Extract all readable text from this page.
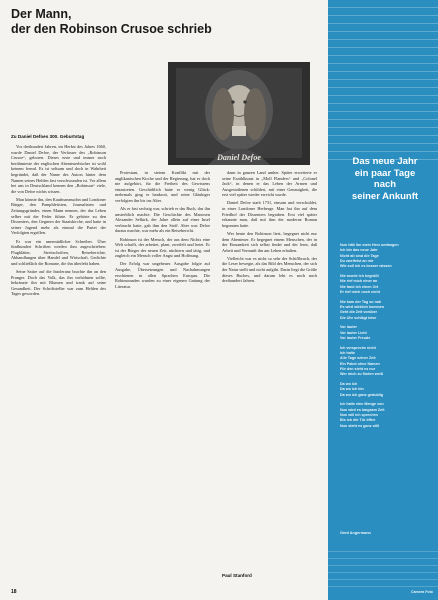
Der Mann,
der den Robinson Crusoe schrieb
Daniel Defoe
Zu Daniel Defoes 300. Geburtstag

Vor dreihundert Jahren, im Herbst des Jahres 1660, wurde Daniel Defoe, der Verfasser des „Robinson Crusoe“, geboren. Dieses erste und immer noch berühmteste der englischen Abenteuerbücher ist wohl keinem fremd. Es ist seltsam und doch in Wahrheit begründet, daß der Name des Autors hinter dem Namen seines Helden fast verschwunden ist. Vor allem bei uns in Deutschland kennen den „Robinson“ viele, die von Defoe nichts wissen.

Man könnte ihn, den Kaufmannssohn und Londoner Bürger, den Pamphletisten, Journalisten und Zeitungsgründer, einen Mann nennen, der das Leben selber mit der Feder führte. Er gehörte zu den Dissenters, den Gegnern der Staatskirche, und hatte in seiner Jugend mehr als einmal die Partei der Verfolgten ergriffen.

Er war ein unermüdlicher Schreiber. Über fünfhundert Schriften werden ihm zugeschrieben: Flugblätter, Streitschriften, Reiseberichte, Abhandlungen über Handel und Wirtschaft, Gedichte und schließlich die Romane, die ihn überlebt haben.

Seine Satire auf die Intoleranz brachte ihn an den Pranger. Doch das Volk, das ihn verhöhnen sollte, bekränzte ihn mit Blumen und trank auf seine Gesundheit. Der Schriftsteller war zum Helden des Tages geworden.

Protestant, in stetem Konflikt mit der anglikanischen Kirche und der Regierung, hat er doch nie aufgehört, für die Freiheit des Gewissens einzutreten. Geschäftlich hatte er wenig Glück: mehrmals ging er bankrott, und seine Gläubiger verfolgten ihn bis ins Alter.

Als er fast sechzig war, schrieb er das Buch, das ihn unsterblich machte. Die Geschichte des Matrosen Alexander Selkirk, der Jahre allein auf einer Insel verbracht hatte, gab ihm den Stoff. Aber was Defoe daraus machte, war mehr als ein Reisebericht.

Robinson ist der Mensch, der aus dem Nichts eine Welt schafft, der arbeitet, plant, zweifelt und betet. Er ist der Bürger der neuen Zeit, nüchtern und tätig, und zugleich ein Mensch voller Angst und Hoffnung.

Der Erfolg war ungeheuer. Ausgabe folgte auf Ausgabe, Übersetzungen und Nachahmungen erschienen in allen Sprachen Europas. Die Robinsonaden wurden zu einer eigenen Gattung der Literatur.

dann in ganzen Land umher. Später erweiterte er seine Erzählkunst in „Moll Flanders“ und „Colonel Jack“, in denen er das Leben der Armen und Ausgestoßenen schildert, mit einer Genauigkeit, die erst viel später wieder erreicht wurde.

Daniel Defoe starb 1731, einsam und verschuldet, in einer Londoner Herberge. Man hat ihn auf dem Friedhof der Dissenters begraben. Erst viel später erkannte man, daß mit ihm der moderne Roman begonnen hatte.

Wer heute den Robinson liest, begegnet nicht nur dem Abenteuer. Er begegnet einem Menschen, der in der Einsamkeit sich selbst findet und der lernt, daß Arbeit und Vernunft ihn am Leben erhalten.

Vielleicht war es nicht so sehr der Schiffbruch, der die Leser bewegte, als das Bild des Menschen, der sich der Natur stellt und nicht aufgibt. Darin liegt die Größe dieses Buches, und darum lebt es noch nach dreihundert Jahren.

Paul Stanford
18
Das neue Jahr
ein paar Tage
nach
seiner Ankunft
Nun hält ihn mein Herz umfangen
Ich bin das neue Jahr
Nicht alt sind die Tage
Du zweifelst an mir
Wie soll ich es besser wissen
Nie wurde ich begrüßt
Nie rief mich einer an
Nie fand ich einen Ort
Er rief mich noch nicht
Nie kam der Tag so nah
Es wird wirklich kommen
Geht die Zeit vorüber
Die Uhr schlägt leise
Vor lauter
Vor lauter Licht
Vor lauter Freude
Ich verspreche nicht
Ich halte
Alle Tage seiner Zeit
Ein Paket ohne Namen
Für den sieht es nur
Wer mich zu finden weiß
Da wo ich
Da wo ich bin
Da wo ich ganz geduldig
Ich halte eine Menge von
Nun wird es langsam Zeit
Nun will ich sprechen
Bis ich die Tür öffne
Nun steht es ganz still
Gerd Angermann
Camera Foto
